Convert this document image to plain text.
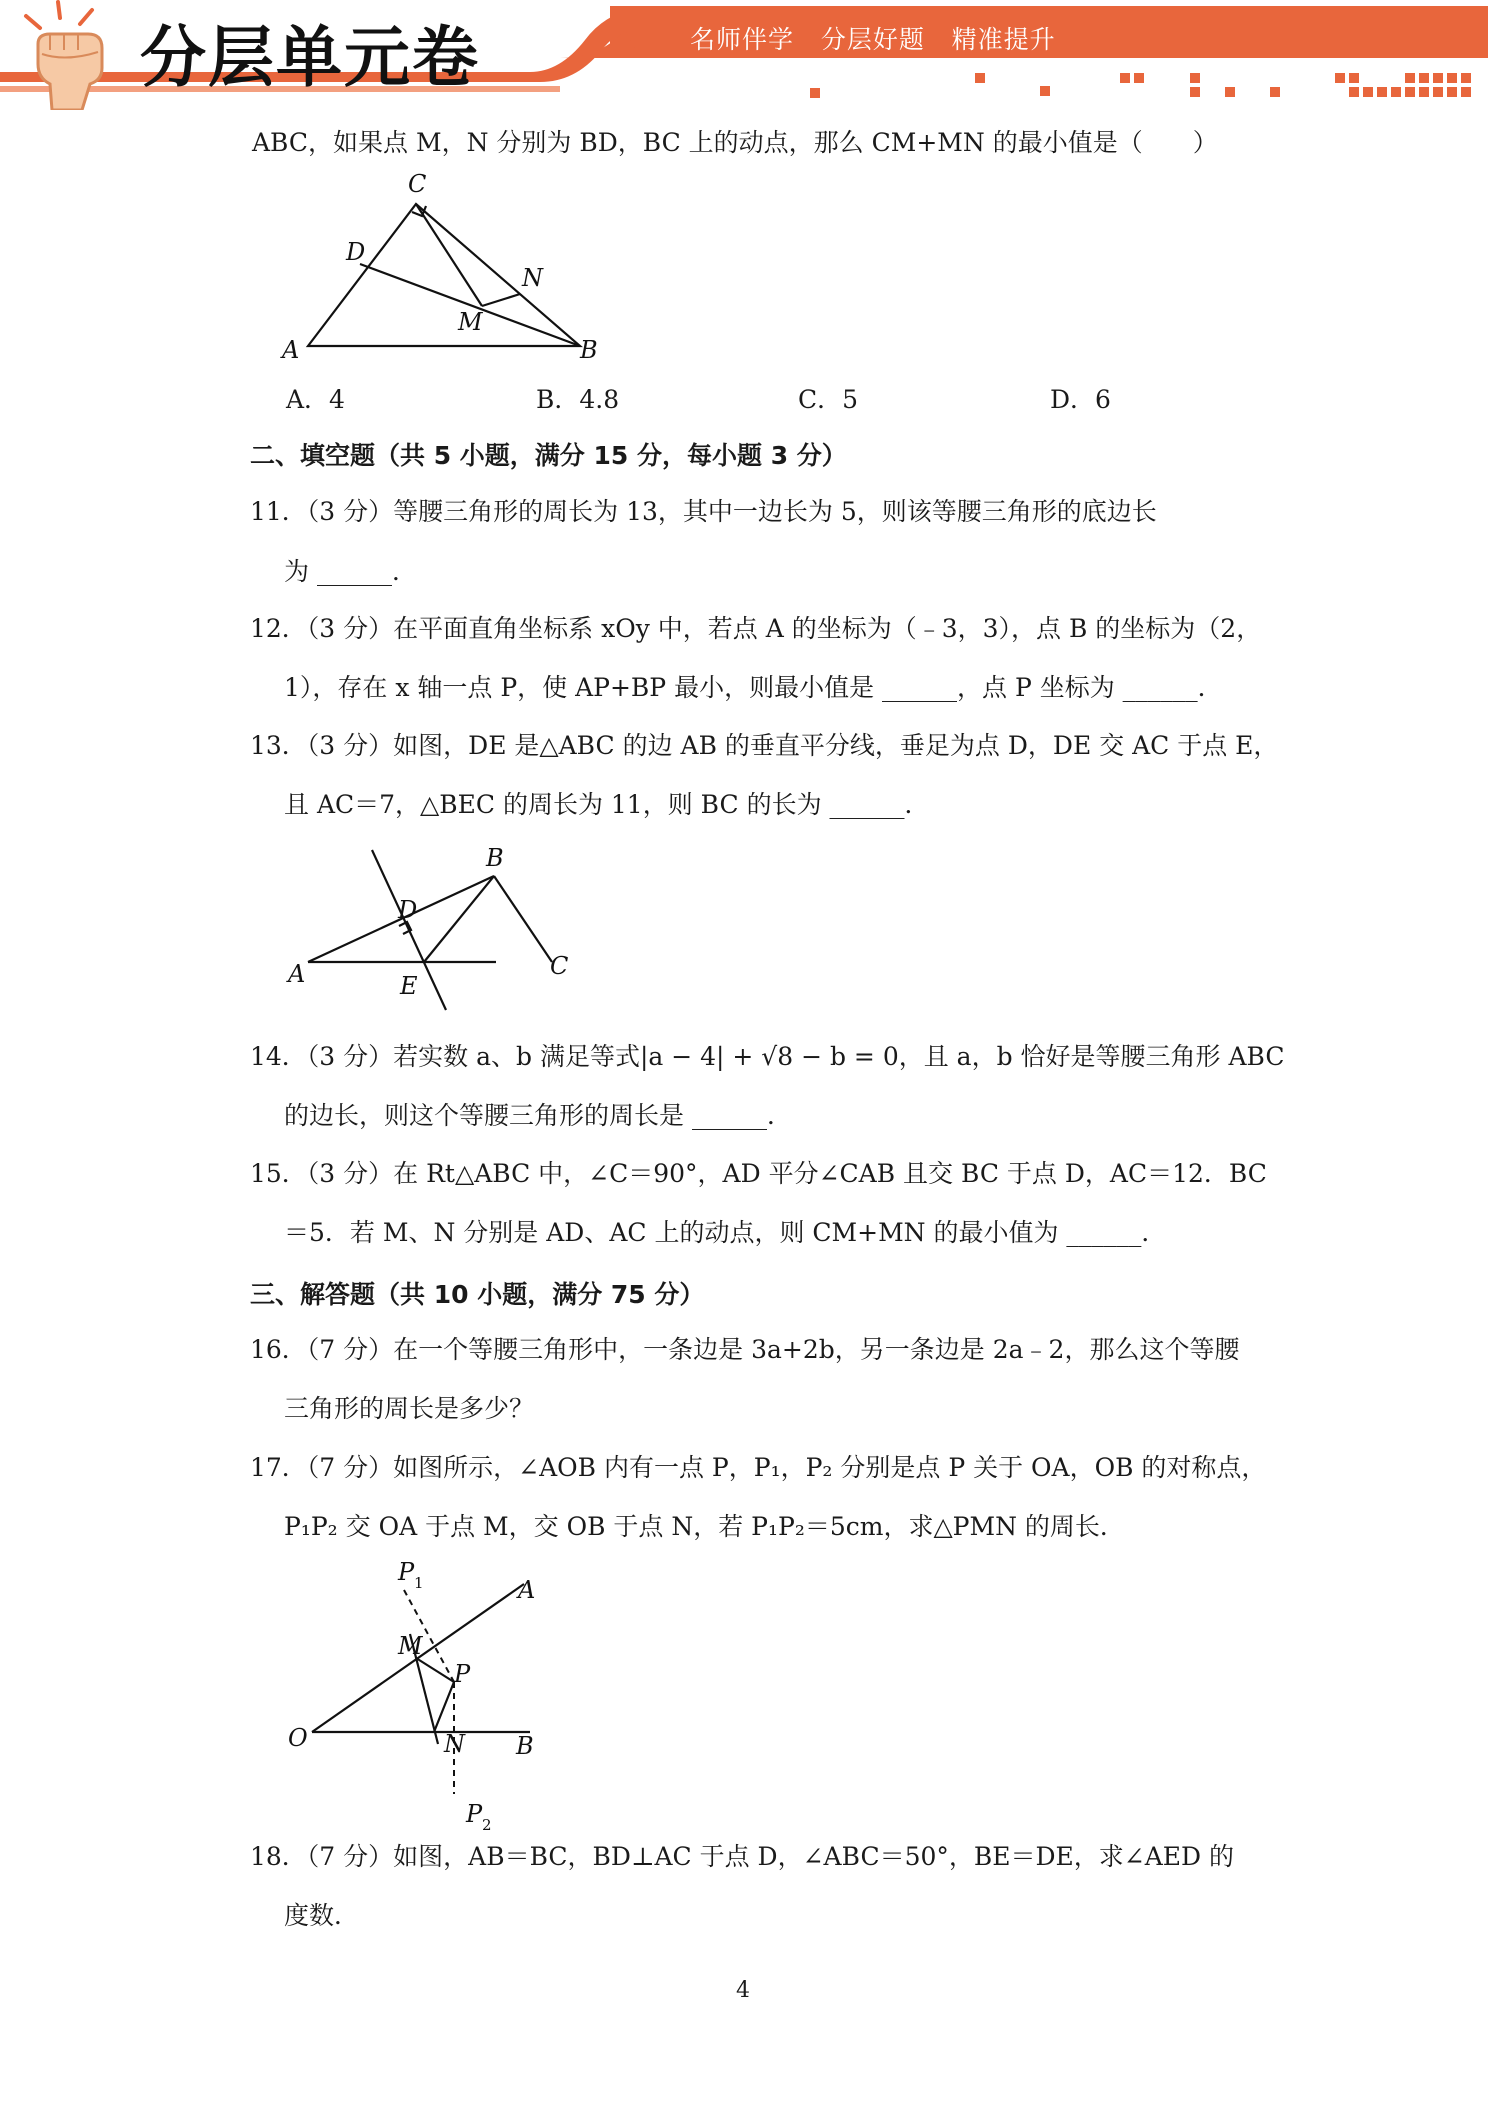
分层单元卷	名师伴学   分层好题   精准提升
ABC，如果点 M，N 分别为 BD，BC 上的动点，那么 CM+MN 的最小值是（　　）
A	B
C
D
M
N
A．4	B．4.8	C．5	D．6
二、填空题（共 5 小题，满分 15 分，每小题 3 分）
11．（3 分）等腰三角形的周长为 13，其中一边长为 5，则该等腰三角形的底边长
为 ______．
12．（3 分）在平面直角坐标系 xOy 中，若点 A 的坐标为（﹣3，3），点 B 的坐标为（2，
1），存在 x 轴一点 P，使 AP+BP 最小，则最小值是 ______，点 P 坐标为 ______．
13．（3 分）如图，DE 是△ABC 的边 AB 的垂直平分线，垂足为点 D，DE 交 AC 于点 E，
且 AC＝7，△BEC 的周长为 11，则 BC 的长为 ______．
A
B
C
D
E
14．（3 分）若实数 a、b 满足等式|a − 4| + √8 − b = 0，且 a，b 恰好是等腰三角形 ABC
的边长，则这个等腰三角形的周长是 ______．
15．（3 分）在 Rt△ABC 中，∠C＝90°，AD 平分∠CAB 且交 BC 于点 D，AC＝12．BC
＝5．若 M、N 分别是 AD、AC 上的动点，则 CM+MN 的最小值为 ______．
三、解答题（共 10 小题，满分 75 分）
16．（7 分）在一个等腰三角形中，一条边是 3a+2b，另一条边是 2a﹣2，那么这个等腰
三角形的周长是多少？
17．（7 分）如图所示，∠AOB 内有一点 P，P₁，P₂ 分别是点 P 关于 OA，OB 的对称点，
P₁P₂ 交 OA 于点 M，交 OB 于点 N，若 P₁P₂＝5cm，求△PMN 的周长．
O	B
A
M
N
P
P 1
P 2
18．（7 分）如图，AB＝BC，BD⊥AC 于点 D，∠ABC＝50°，BE＝DE，求∠AED 的
度数．
4
